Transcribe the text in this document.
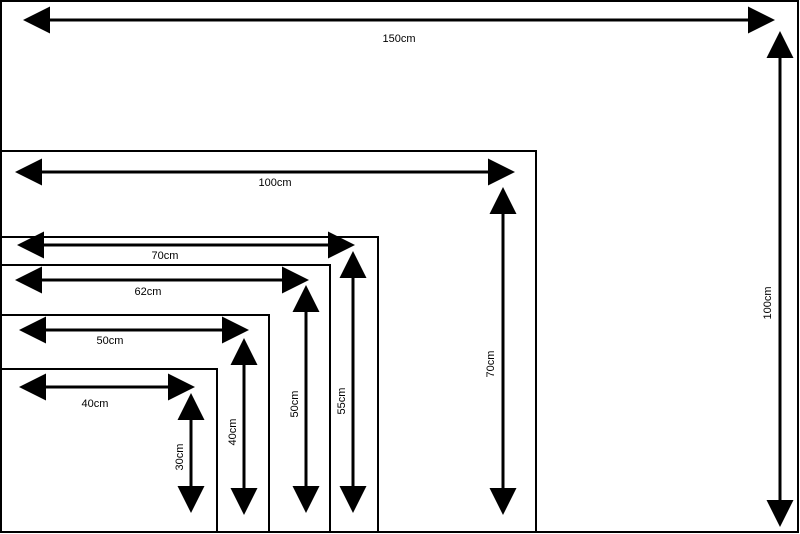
150cm
100cm
70cm
62cm
50cm
40cm
100cm
70cm
55cm
50cm
40cm
30cm
